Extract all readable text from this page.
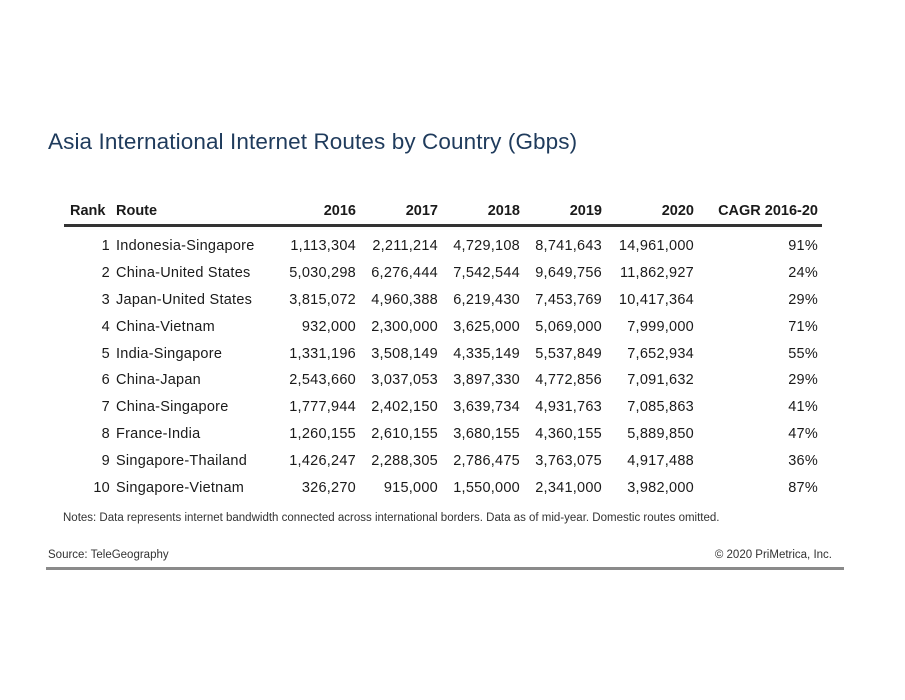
Asia International Internet Routes by Country (Gbps)
Rank	Route	2016	2017	2018	2019	2020	CAGR 2016-20
1	Indonesia-Singapore	1,113,304	2,211,214	4,729,108	8,741,643	14,961,000	91%
2	China-United States	5,030,298	6,276,444	7,542,544	9,649,756	11,862,927	24%
3	Japan-United States	3,815,072	4,960,388	6,219,430	7,453,769	10,417,364	29%
4	China-Vietnam	932,000	2,300,000	3,625,000	5,069,000	7,999,000	71%
5	India-Singapore	1,331,196	3,508,149	4,335,149	5,537,849	7,652,934	55%
6	China-Japan	2,543,660	3,037,053	3,897,330	4,772,856	7,091,632	29%
7	China-Singapore	1,777,944	2,402,150	3,639,734	4,931,763	7,085,863	41%
8	France-India	1,260,155	2,610,155	3,680,155	4,360,155	5,889,850	47%
9	Singapore-Thailand	1,426,247	2,288,305	2,786,475	3,763,075	4,917,488	36%
10	Singapore-Vietnam	326,270	915,000	1,550,000	2,341,000	3,982,000	87%
Notes: Data represents internet bandwidth connected across international borders. Data as of mid-year. Domestic routes omitted.
Source: TeleGeography	© 2020 PriMetrica, Inc.
